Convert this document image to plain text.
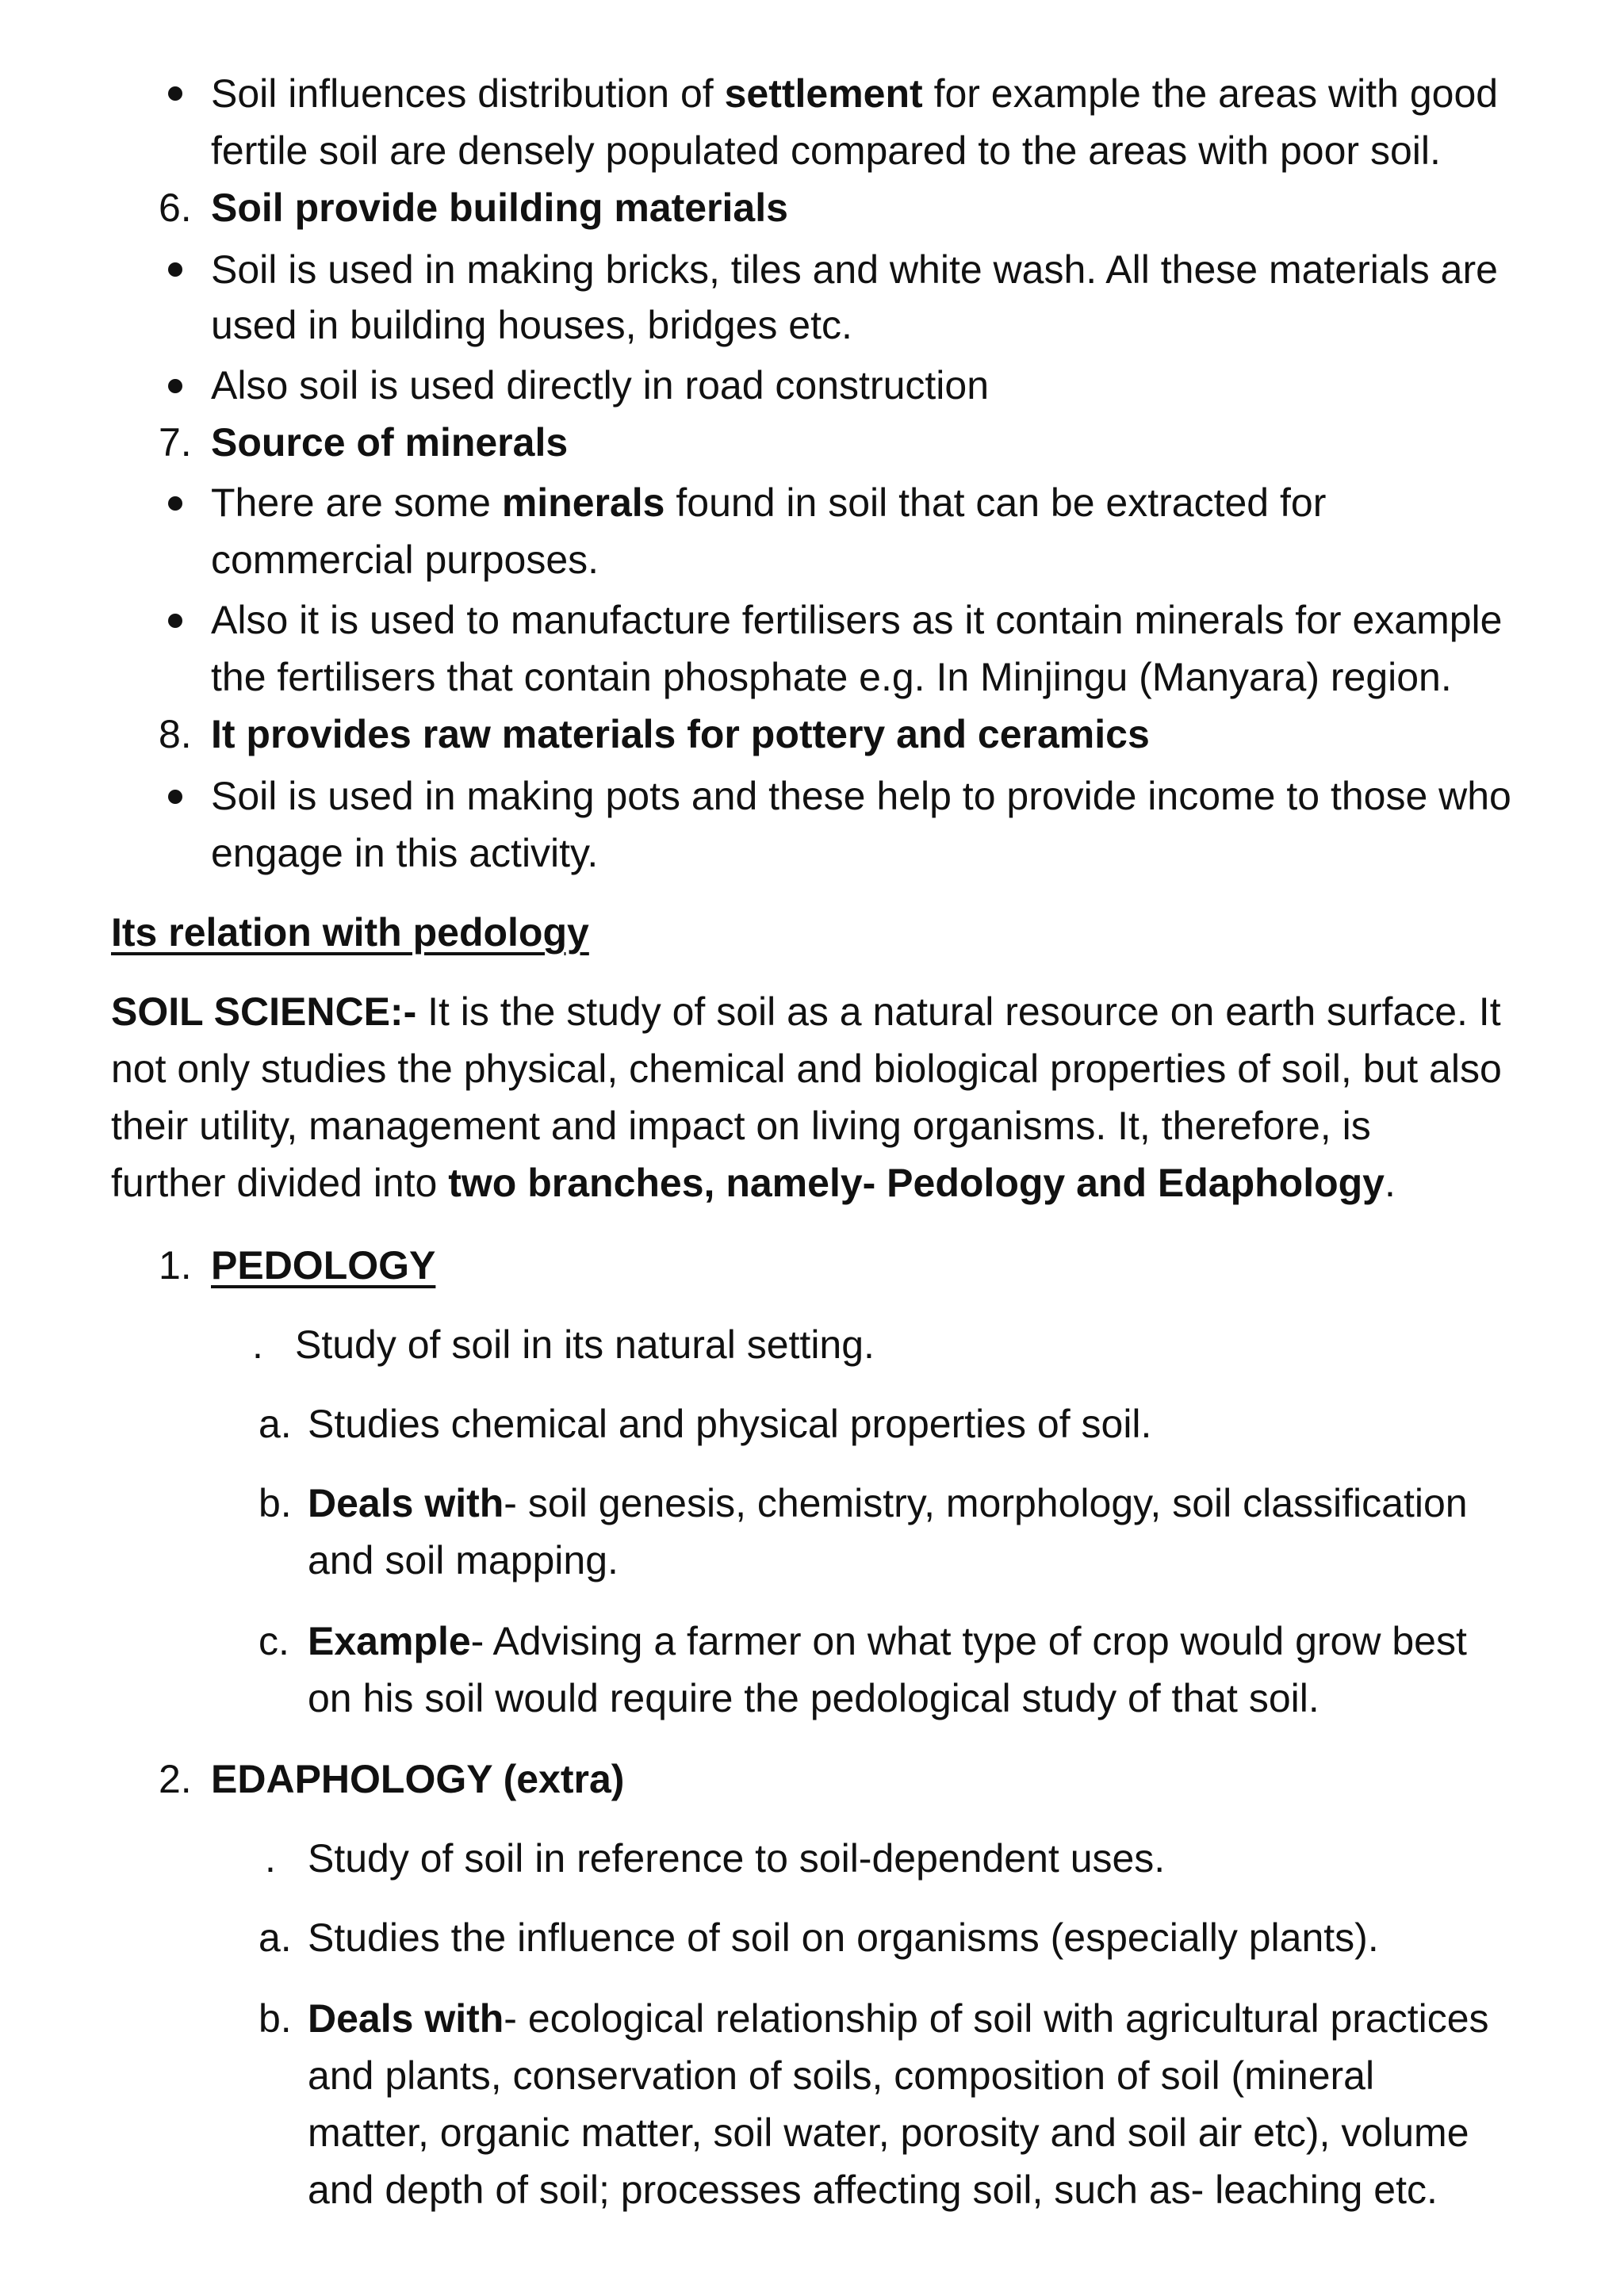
Soil influences distribution of settlement for example the areas with good
fertile soil are densely populated compared to the areas with poor soil.
6. Soil provide building materials
Soil is used in making bricks, tiles and white wash. All these materials are
used in building houses, bridges etc.
Also soil is used directly in road construction
7. Source of minerals
There are some minerals found in soil that can be extracted for
commercial purposes.
Also it is used to manufacture fertilisers as it contain minerals for example
the fertilisers that contain phosphate e.g. In Minjingu (Manyara) region.
8. It provides raw materials for pottery and ceramics
Soil is used in making pots and these help to provide income to those who
engage in this activity.
Its relation with pedology
SOIL SCIENCE:- It is the study of soil as a natural resource on earth surface. It
not only studies the physical, chemical and biological properties of soil, but also
their utility, management and impact on living organisms. It, therefore, is
further divided into two branches, namely- Pedology and Edaphology.
1. PEDOLOGY
. Study of soil in its natural setting.
a. Studies chemical and physical properties of soil.
b. Deals with- soil genesis, chemistry, morphology, soil classification
and soil mapping.
c. Example- Advising a farmer on what type of crop would grow best
on his soil would require the pedological study of that soil.
2. EDAPHOLOGY (extra)
. Study of soil in reference to soil-dependent uses.
a. Studies the influence of soil on organisms (especially plants).
b. Deals with- ecological relationship of soil with agricultural practices
and plants, conservation of soils, composition of soil (mineral
matter, organic matter, soil water, porosity and soil air etc), volume
and depth of soil; processes affecting soil, such as- leaching etc.
